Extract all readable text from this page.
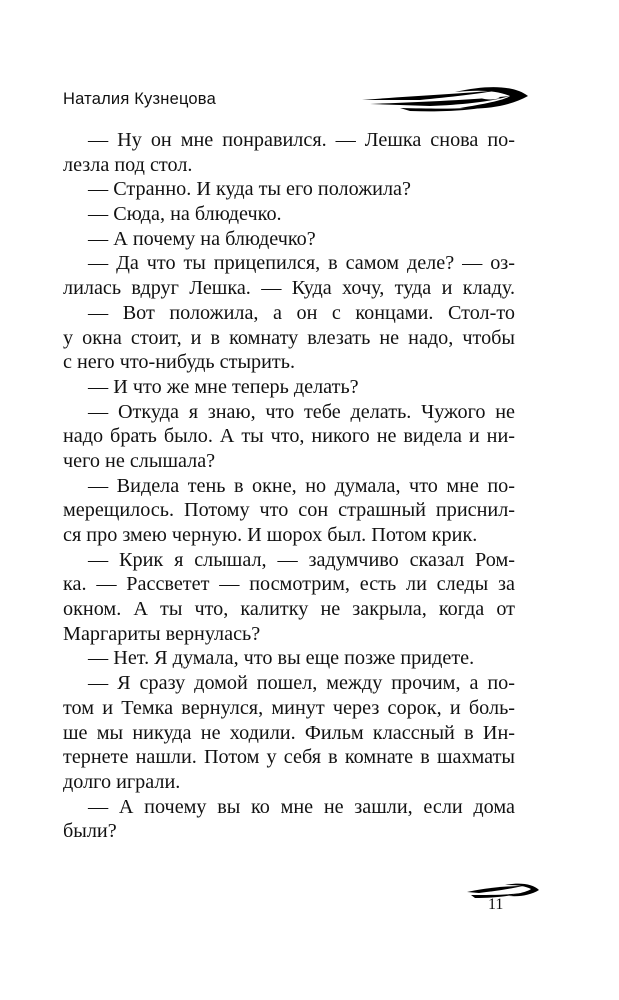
Наталия Кузнецова
— Ну он мне понравился. — Лешка снова по-
лезла под стол.
— Странно. И куда ты его положила?
— Сюда, на блюдечко.
— А почему на блюдечко?
— Да что ты прицепился, в самом деле? — оз-
лилась вдруг Лешка. — Куда хочу, туда и кладу.
— Вот положила, а он с концами. Стол-то
у окна стоит, и в комнату влезать не надо, чтобы
с него что-нибудь стырить.
— И что же мне теперь делать?
— Откуда я знаю, что тебе делать. Чужого не
надо брать было. А ты что, никого не видела и ни-
чего не слышала?
— Видела тень в окне, но думала, что мне по-
мерещилось. Потому что сон страшный приснил-
ся про змею черную. И шорох был. Потом крик.
— Крик я слышал, — задумчиво сказал Ром-
ка. — Рассветет — посмотрим, есть ли следы за
окном. А ты что, калитку не закрыла, когда от
Маргариты вернулась?
— Нет. Я думала, что вы еще позже придете.
— Я сразу домой пошел, между прочим, а по-
том и Темка вернулся, минут через сорок, и боль-
ше мы никуда не ходили. Фильм классный в Ин-
тернете нашли. Потом у себя в комнате в шахматы
долго играли.
— А почему вы ко мне не зашли, если дома
были?
11
